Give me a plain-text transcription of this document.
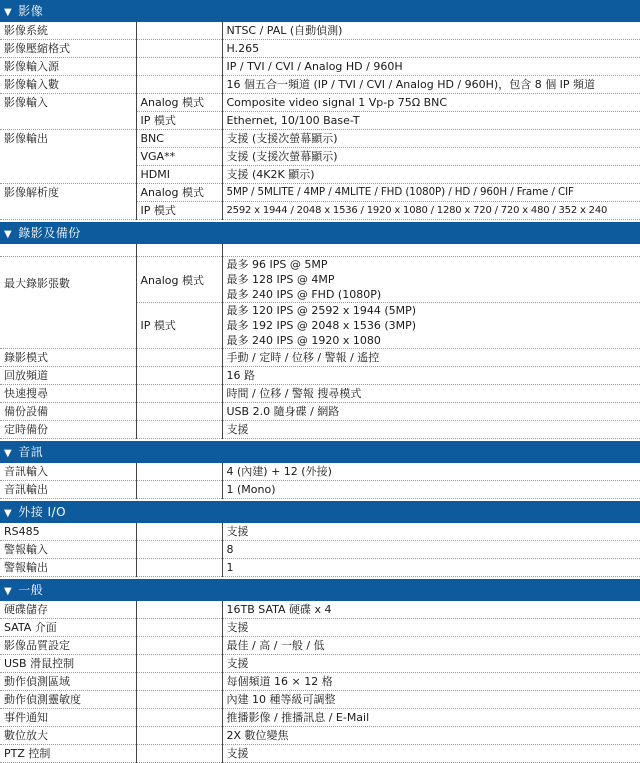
▼ 影像
影像系統		NTSC / PAL (自動偵測)
影像壓縮格式		H.265
影像輸入源		IP / TVI / CVI / Analog HD / 960H
影像輸入數		16 個五合一頻道 (IP / TVI / CVI / Analog HD / 960H)，包含 8 個 IP 頻道
影像輸入	Analog 模式	Composite video signal 1 Vp-p 75Ω BNC
	IP 模式	Ethernet, 10/100 Base-T
影像輸出	BNC	支援 (支援次螢幕顯示)
	VGA**	支援 (支援次螢幕顯示)
	HDMI	支援 (4K2K 顯示)
影像解析度	Analog 模式	5MP / 5MLITE / 4MP / 4MLITE / FHD (1080P) / HD / 960H / Frame / CIF
	IP 模式	2592 x 1944 / 2048 x 1536 / 1920 x 1080 / 1280 x 720 / 720 x 480 / 352 x 240
▼ 錄影及備份

最大錄影張數	Analog 模式	最多 96 IPS @ 5MP
最多 128 IPS @ 4MP
最多 240 IPS @ FHD (1080P)

	IP 模式	最多 120 IPS @ 2592 x 1944 (5MP)
最多 192 IPS @ 2048 x 1536 (3MP)
最多 240 IPS @ 1920 x 1080

錄影模式		手動 / 定時 / 位移 / 警報 / 遙控
回放頻道		16 路
快速搜尋		時間 / 位移 / 警報 搜尋模式
備份設備		USB 2.0 隨身碟 / 網路
定時備份		支援
▼ 音訊
音訊輸入		4 (內建) + 12 (外接)
音訊輸出		1 (Mono)
▼ 外接 I/O
RS485		支援
警報輸入		8
警報輸出		1
▼ 一般
硬碟儲存		16TB SATA 硬碟 x 4
SATA 介面		支援
影像品質設定		最佳 / 高 / 一般 / 低
USB 滑鼠控制		支援
動作偵測區域		每個頻道 16 × 12 格
動作偵測靈敏度		內建 10 種等級可調整
事件通知		推播影像 / 推播訊息 / E-Mail
數位放大		2X 數位變焦
PTZ 控制		支援
